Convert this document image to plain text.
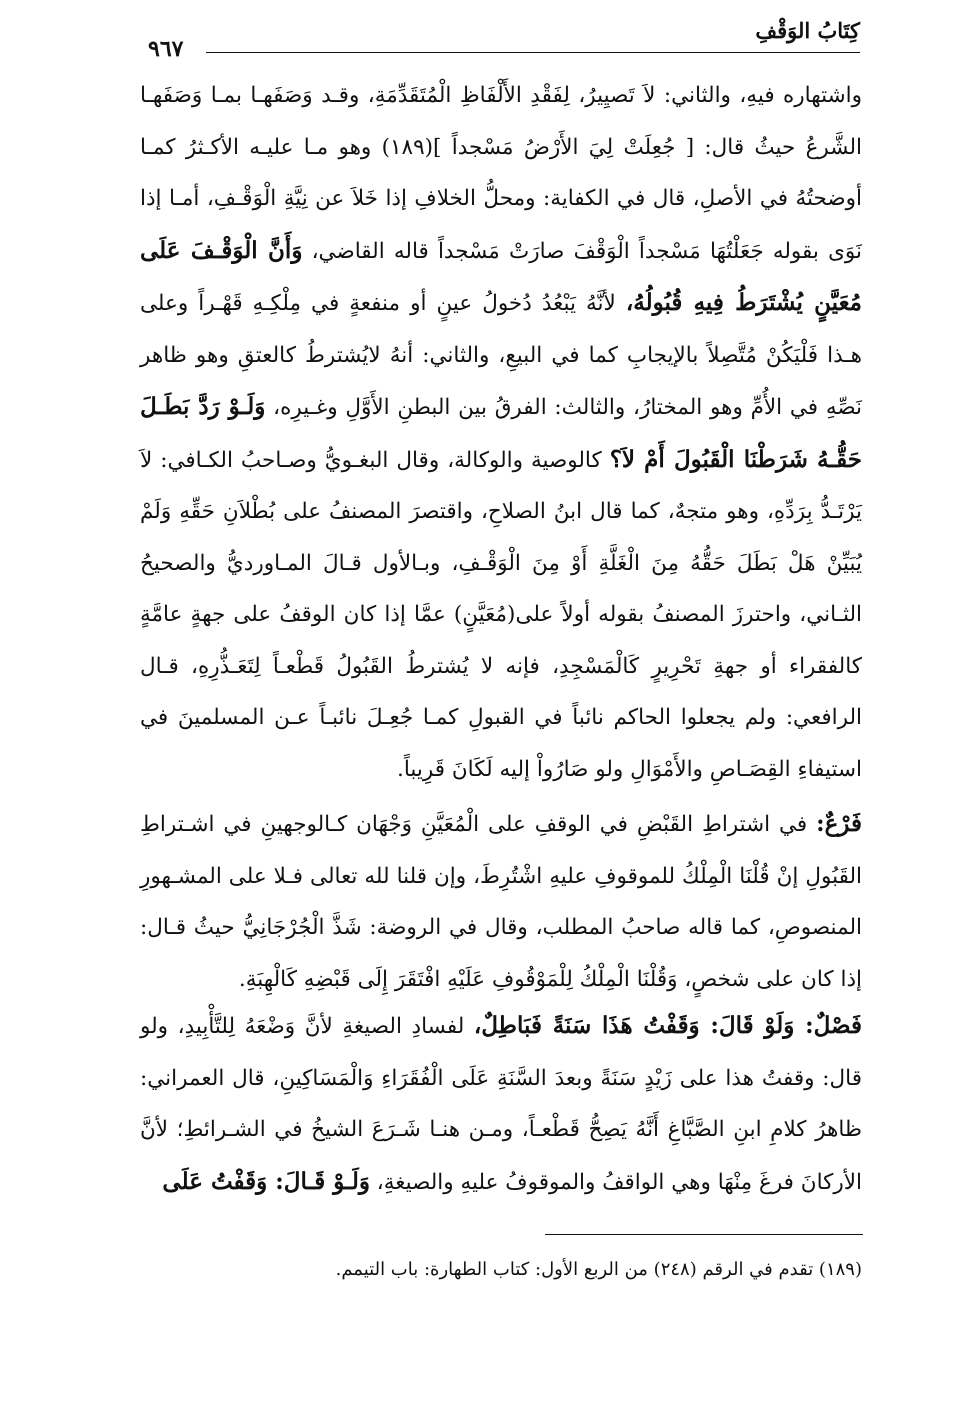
كِتَابُ الوَقْفِ
٩٦٧

واشتهاره فيهِ، والثاني: لاَ تَصيِيرُ، لِفَقْدِ الأَلْفَاظِ الْمُتَقَدِّمَةِ، وقـد وَصَفَهـا بمـا وَصَفَهـا الشَّرعُ حيثُ قال: [ جُعِلَتْ لِيَ الأَرْضُ مَسْجداً ](١٨٩) وهو مـا عليـه الأكـثرُ كمـا أوضحتُهُ في الأصلِ، قال في الكفاية: ومحلُّ الخلافِ إذا خَلاَ عن نِيَّةِ الْوَقْـفِ، أمـا إذا نَوَى بقوله جَعَلْتُهَا مَسْجداً الْوَقْفَ صارَتْ مَسْجداً قاله القاضي، وَأَنَّ الْوَقْـفَ عَلَى مُعَيَّنٍ يُشْتَرَطُ فِيهِ قُبُولُهُ، لأنَّهُ يَبْعُدُ دُخولُ عينٍ أو منفعةٍ في مِلْكِـهِ قَهْـراً وعلى هـذا فَلْيَكُنْ مُتَّصِلاً بالإيجابِ كما في البيعِ، والثاني: أنهُ لايُشترطُ كالعتقِ وهو ظاهر نَصِّهِ في الأُمِّ وهو المختارُ، والثالث: الفرقُ بين البطنِ الأَوَّلِ وغـيرِه، وَلَـوْ رَدَّ بَطَـلَ حَقُّـهُ شَرَطْنَا الْقَبُولَ أَمْ لاَ؟ كالوصية والوكالة، وقال البغـويُّ وصـاحبُ الكـافي: لاَ يَرْتَـدُّ بِرَدِّهِ، وهو متجهٌ، كما قال ابنُ الصلاحِ، واقتصرَ المصنفُ على بُطْلاَنِ حَقِّهِ وَلَمْ يُبَيِّنْ هَلْ بَطَلَ حَقُّهُ مِنَ الْغَلَّةِ أَوْ مِنَ الْوَقْـفِ، وبـالأول قـالَ المـاورديُّ والصحيحُ الثـاني، واحترزَ المصنفُ بقوله أولاً على(مُعَيَّنٍ) عمَّا إذا كان الوقفُ على جهةٍ عامَّةٍ كالفقراء أو جهةِ تَحْرِيرٍ كَالْمَسْجِدِ، فإنه لا يُشترطُ القَبُولُ قَطْعـاً لِتَعَـذُّرِهِ، قـال الرافعي: ولم يجعلوا الحاكم نائباً في القبولِ كمـا جُعِـلَ نائبـاً عـن المسلمينَ في استيفاءِ القِصَـاصِ والأَمْوَالِ ولو صَارُواْ إليه لَكَانَ قَرِيباً.

فَرْعٌ: في اشتراطِ القَبْضِ في الوقفِ على الْمُعَيَّنِ وَجْهَان كـالوجهينِ في اشـتراطِ القَبُولِ إنْ قُلْنَا الْمِلْكُ للموقوفِ عليهِ اشْتُرِطَ، وإن قلنا لله تعالى فـلا على المشـهورِ المنصوصِ، كما قاله صاحبُ المطلب، وقال في الروضة: شَذَّ الْجُرْجَانِيُّ حيثُ قـال: إذا كان على شخصٍ، وَقُلْنَا الْمِلْكُ لِلْمَوْقُوفِ عَلَيْهِ افْتَقَرَ إِلَى قَبْضِهِ كَالْهِبَةِ.

فَصْلٌ: وَلَوْ قَالَ: وَقَفْتُ هَذَا سَنَةً فَبَاطِلٌ، لفسادِ الصيغةِ لأنَّ وَضْعَهُ لِلتَّأْبِيدِ، ولو قال: وقفتُ هذا على زَيْدٍ سَنَةً وبعدَ السَّنَةِ عَلَى الْفُقَرَاءِ وَالْمَسَاكِينِ، قال العمراني: ظاهرُ كلامِ ابنِ الصَّبَّاغِ أَنَّهُ يَصِحُّ قَطْعـاً، ومـن هنـا شَـرَعَ الشيخُ في الشـرائطِ؛ لأنَّ الأركانَ فرغَ مِنْهَا وهي الواقفُ والموقوفُ عليهِ والصيغةِ، وَلَـوْ قَـالَ: وَقَفْتُ عَلَى

(١٨٩) تقدم في الرقم (٢٤٨) من الربع الأول: كتاب الطهارة: باب التيمم.
